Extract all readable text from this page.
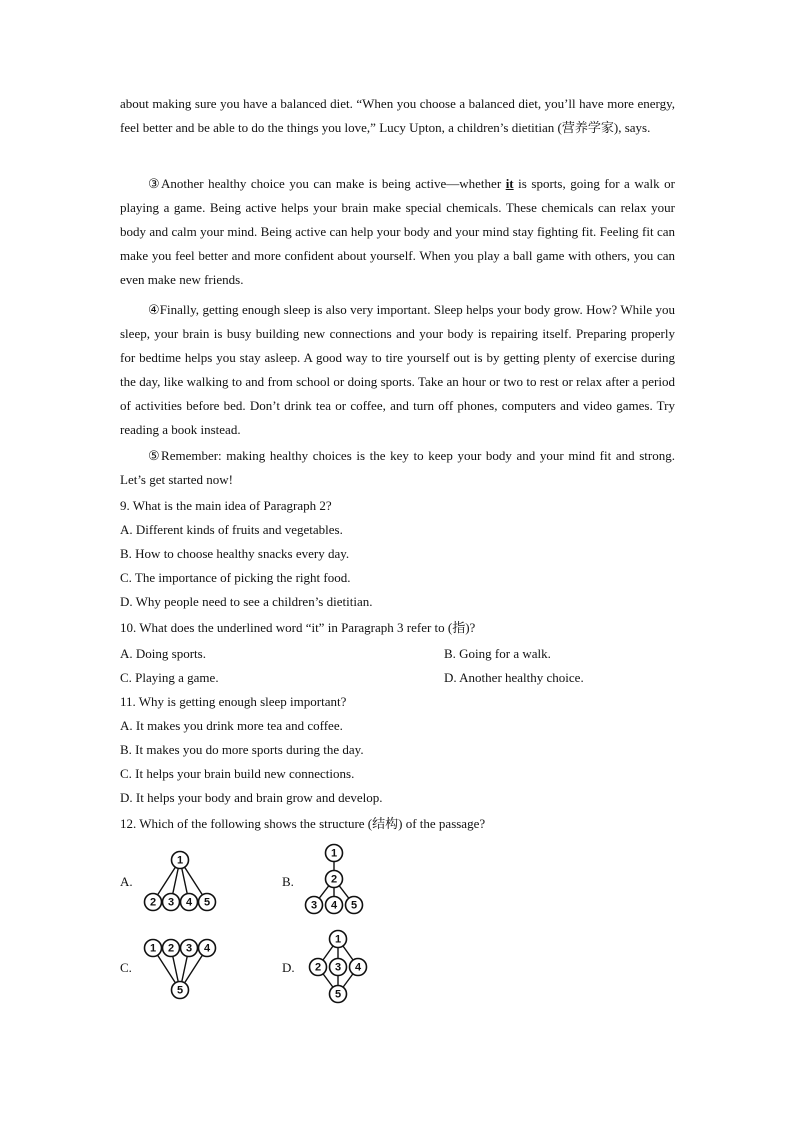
about making sure you have a balanced diet. “When you choose a balanced diet, you’ll have more energy, feel better and be able to do the things you love,” Lucy Upton, a children’s dietitian (营养学家), says.

③Another healthy choice you can make is being active—whether it is sports, going for a walk or playing a game. Being active helps your brain make special chemicals. These chemicals can relax your body and calm your mind. Being active can help your body and your mind stay fighting fit. Feeling fit can make you feel better and more confident about yourself. When you play a ball game with others, you can even make new friends.

④Finally, getting enough sleep is also very important. Sleep helps your body grow. How? While you sleep, your brain is busy building new connections and your body is repairing itself. Preparing properly for bedtime helps you stay asleep. A good way to tire yourself out is by getting plenty of exercise during the day, like walking to and from school or doing sports. Take an hour or two to rest or relax after a period of activities before bed. Don’t drink tea or coffee, and turn off phones, computers and video games. Try reading a book instead.

⑤Remember: making healthy choices is the key to keep your body and your mind fit and strong. Let’s get started now!

9. What is the main idea of Paragraph 2?

A. Different kinds of fruits and vegetables.

B. How to choose healthy snacks every day.

C. The importance of picking the right food.

D. Why people need to see a children’s dietitian.

10. What does the underlined word “it” in Paragraph 3 refer to (指)?

A. Doing sports.	B. Going for a walk.

C. Playing a game.	D. Another healthy choice.

11. Why is getting enough sleep important?

A. It makes you drink more tea and coffee.

B. It makes you do more sports during the day.

C. It helps your brain build new connections.

D. It helps your body and brain grow and develop.

12. Which of the following shows the structure (结构) of the passage?

A.	B.
C.	D.
1
2 3 4 5
1
2
3 4 5
1 2 3 4
5
1
2 3 4
5
